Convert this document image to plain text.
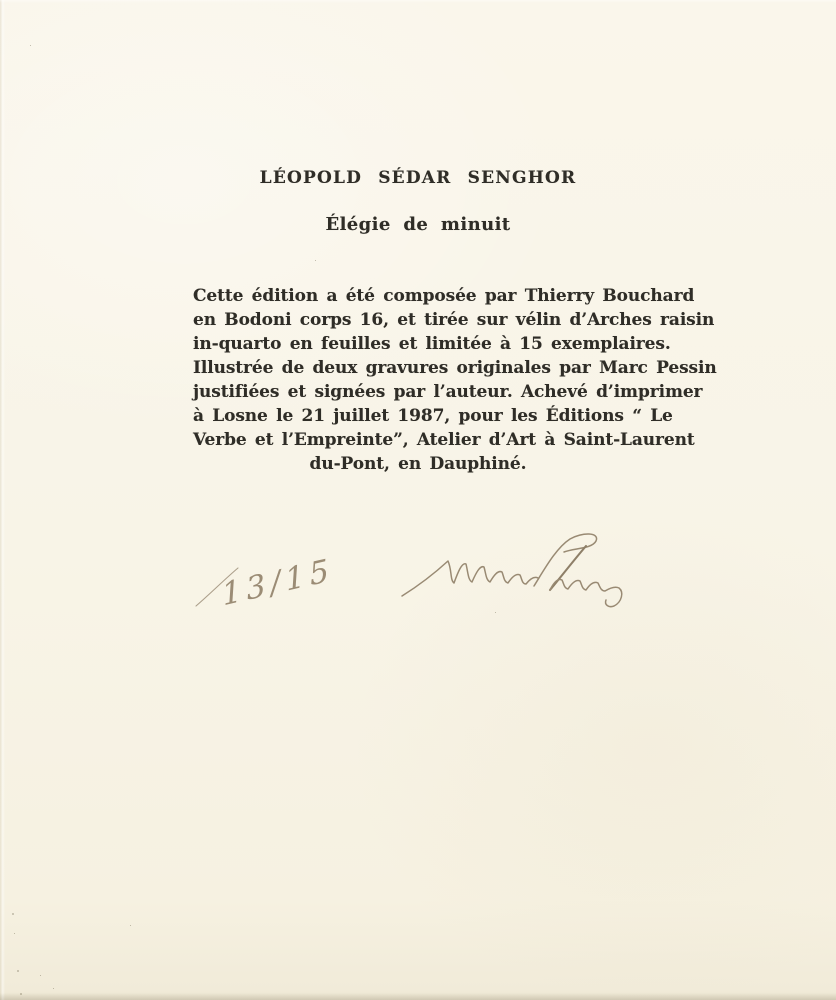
LÉOPOLD SÉDAR SENGHOR
Élégie de minuit

Cette édition a été composée par Thierry Bouchard
en Bodoni corps 16, et tirée sur vélin d’Arches raisin
in-quarto en feuilles et limitée à 15 exemplaires.
Illustrée de deux gravures originales par Marc Pessin
justifiées et signées par l’auteur. Achevé d’imprimer
à Losne le 21 juillet 1987, pour les Éditions “ Le
Verbe et l’Empreinte”, Atelier d’Art à Saint-Laurent
du-Pont, en Dauphiné.

13/15
